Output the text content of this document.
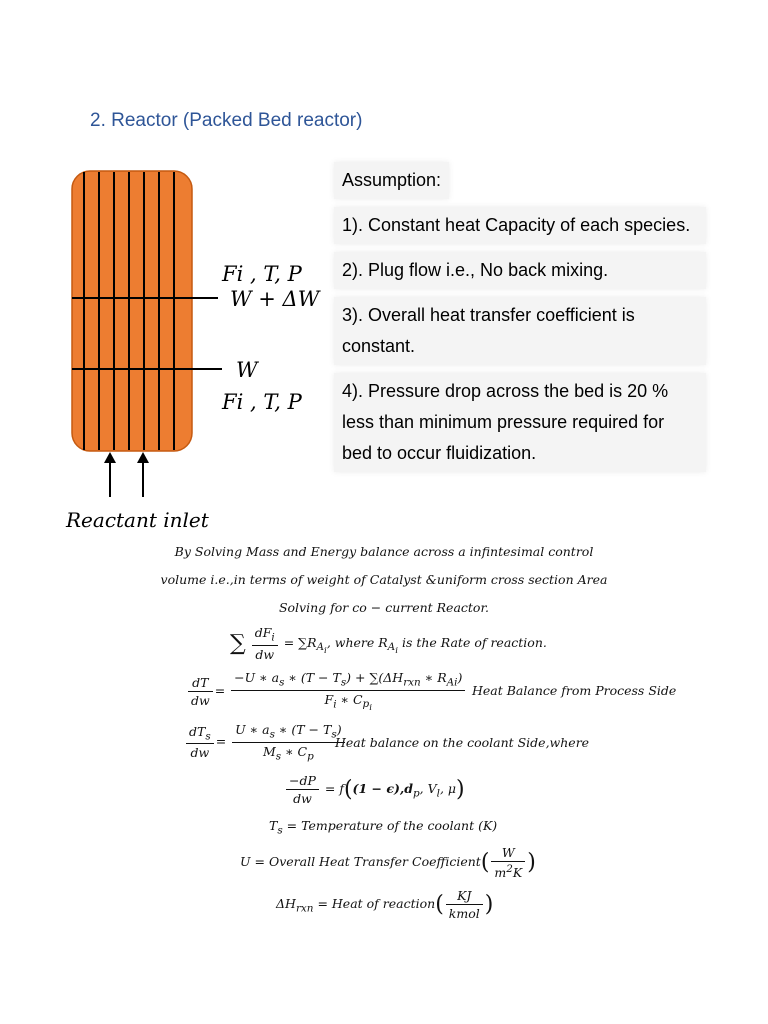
2. Reactor (Packed Bed reactor)
Fi , T, P
W + ΔW
W
Fi , T, P
Reactant inlet
Assumption:
1). Constant heat Capacity of each species.
2). Plug flow i.e., No back mixing.
3). Overall heat transfer coefficient is constant.
4). Pressure drop across the bed is 20 % less than minimum pressure required for bed to occur fluidization.
By Solving Mass and Energy balance across a infintesimal control
volume i.e.,in terms of weight of Catalyst &uniform cross section Area
Solving for co − current Reactor.
∑ $\frac{dF_i}{dw} = \sum R_{A_i}$, where $R_{A_i}$ is the Rate of reaction.
$\frac{dT}{dw} = \frac{-U ∗ a_s ∗ (T - T_s) + \sum(\Delta H_{rxn} ∗ R_{Ai})}{F_i ∗ C_{p_i}}$ Heat Balance from Process Side
$\frac{dT_s}{dw} = \frac{U ∗ a_s ∗ (T - T_s)}{M_s ∗ C_p}$
Heat balance on the coolant Side,where
$\frac{-dP}{dw} = f((1 - \epsilon),d_p$, $V_l$, μ)
$T_s$ = Temperature of the coolant (K)
U = Overall Heat Transfer Coefficient( $\frac{W}{m^2K}$ )
$\Delta H_{rxn}$ = Heat of reaction( $\frac{KJ}{\text{kmol}}$ )
